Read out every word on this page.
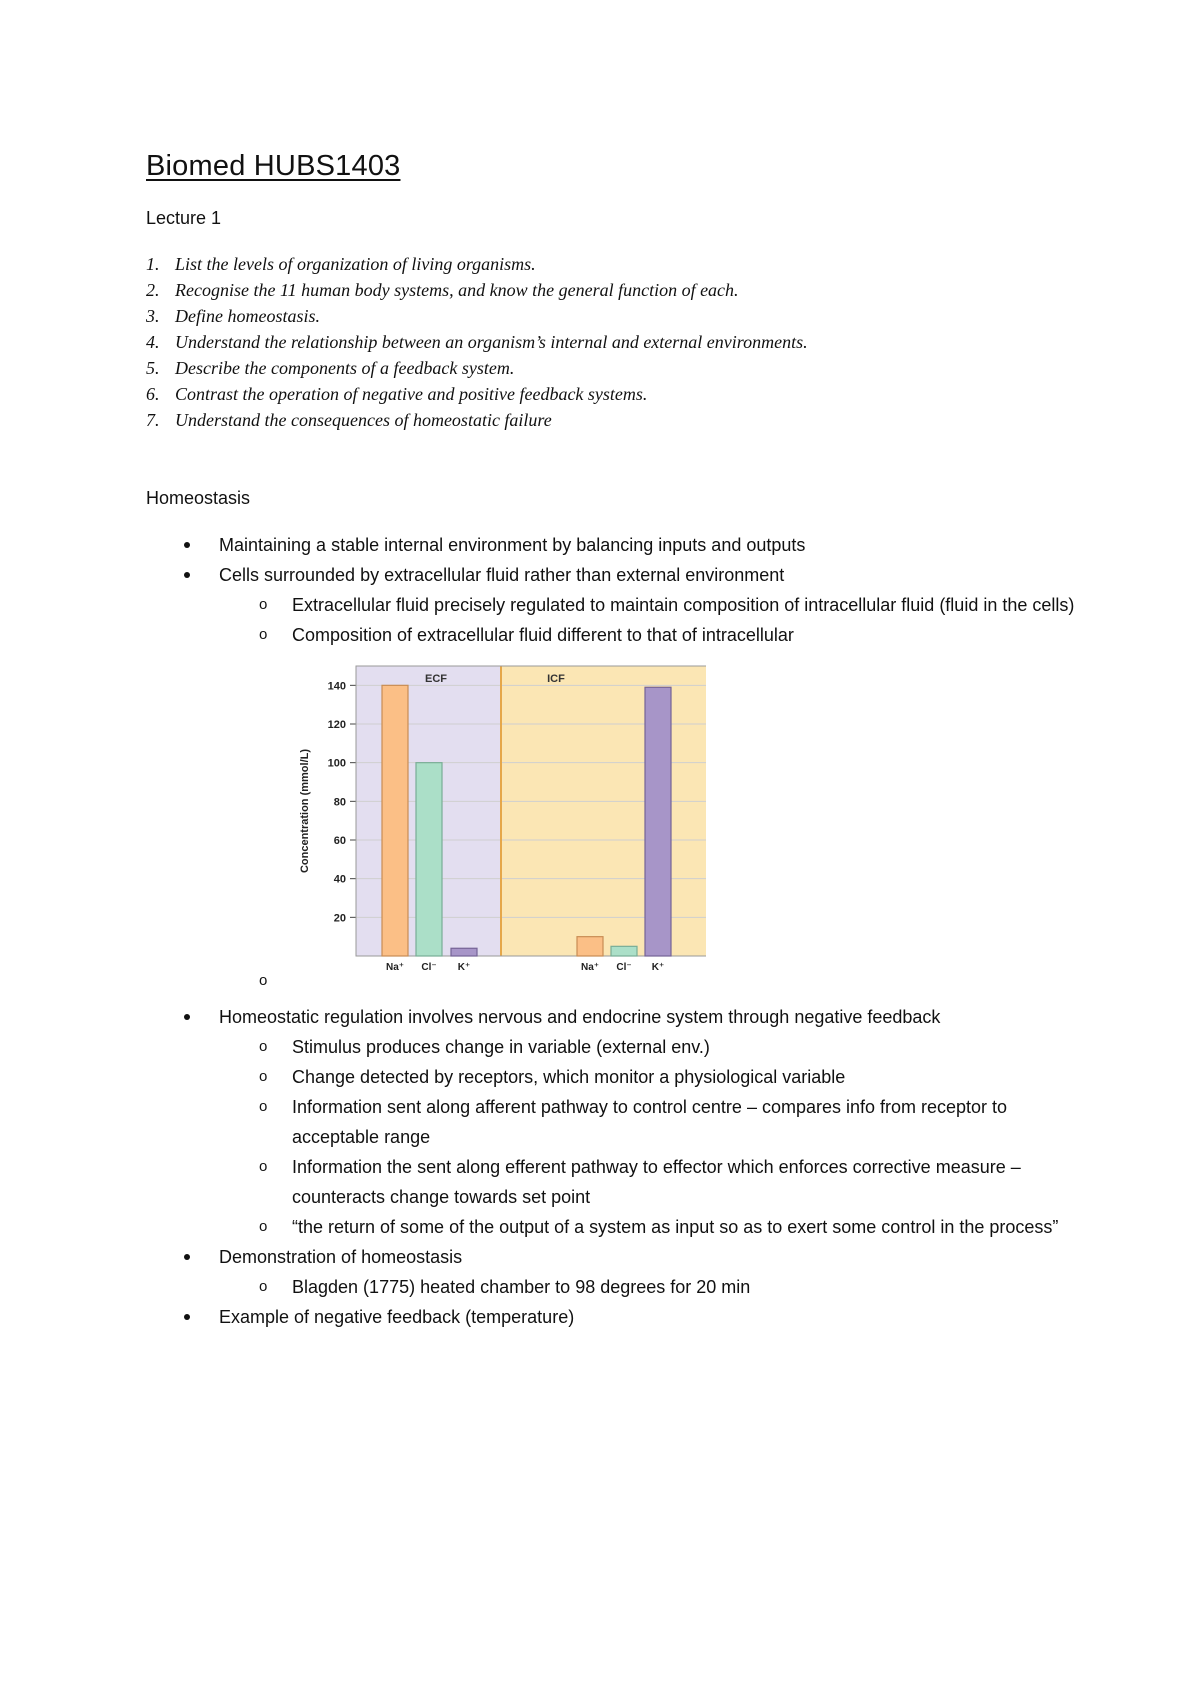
Biomed HUBS1403
Lecture 1
1. List the levels of organization of living organisms.
2. Recognise the 11 human body systems, and know the general function of each.
3. Define homeostasis.
4. Understand the relationship between an organism’s internal and external environments.
5. Describe the components of a feedback system.
6. Contrast the operation of negative and positive feedback systems.
7. Understand the consequences of homeostatic failure
Homeostasis
Maintaining a stable internal environment by balancing inputs and outputs
Cells surrounded by extracellular fluid rather than external environment
o Extracellular fluid precisely regulated to maintain composition of intracellular fluid (fluid in the cells)
o Composition of extracellular fluid different to that of intracellular
20
40
60
80
100
120
140
Concentration (mmol/L)
ECF
Na⁺ Cl⁻ K⁺
ICF
Na⁺ Cl⁻ K⁺
o
Homeostatic regulation involves nervous and endocrine system through negative feedback
o Stimulus produces change in variable (external env.)
o Change detected by receptors, which monitor a physiological variable
o Information sent along afferent pathway to control centre – compares info from receptor to acceptable range
o Information the sent along efferent pathway to effector which enforces corrective measure – counteracts change towards set point
o “the return of some of the output of a system as input so as to exert some control in the process”
Demonstration of homeostasis
o Blagden (1775) heated chamber to 98 degrees for 20 min
Example of negative feedback (temperature)
